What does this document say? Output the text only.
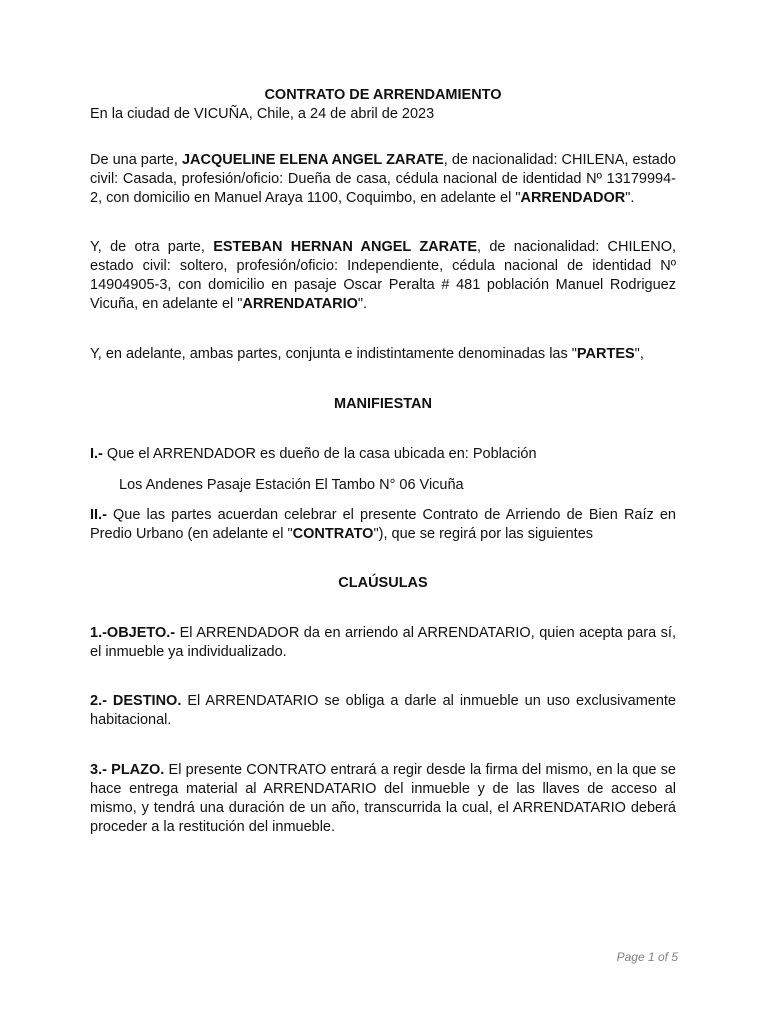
CONTRATO DE ARRENDAMIENTO

En la ciudad de VICUÑA, Chile, a 24 de abril de 2023

De una parte, JACQUELINE ELENA ANGEL ZARATE, de nacionalidad: CHILENA, estado civil: Casada, profesión/oficio: Dueña de casa, cédula nacional de identidad Nº 13179994-2, con domicilio en Manuel Araya 1100, Coquimbo, en adelante el "ARRENDADOR".

Y, de otra parte, ESTEBAN HERNAN ANGEL ZARATE, de nacionalidad: CHILENO, estado civil: soltero, profesión/oficio: Independiente, cédula nacional de identidad Nº 14904905-3, con domicilio en pasaje Oscar Peralta # 481 población Manuel Rodriguez Vicuña, en adelante el "ARRENDATARIO".

Y, en adelante, ambas partes, conjunta e indistintamente denominadas las "PARTES",

MANIFIESTAN

I.- Que el ARRENDADOR es dueño de la casa ubicada en: Población

Los Andenes Pasaje Estación El Tambo N° 06 Vicuña

II.- Que las partes acuerdan celebrar el presente Contrato de Arriendo de Bien Raíz en Predio Urbano (en adelante el "CONTRATO"), que se regirá por las siguientes

CLAÚSULAS

1.-OBJETO.- El ARRENDADOR da en arriendo al ARRENDATARIO, quien acepta para sí, el inmueble ya individualizado.

2.- DESTINO. El ARRENDATARIO se obliga a darle al inmueble un uso exclusivamente habitacional.

3.- PLAZO. El presente CONTRATO entrará a regir desde la firma del mismo, en la que se hace entrega material al ARRENDATARIO del inmueble y de las llaves de acceso al mismo, y tendrá una duración de un año, transcurrida la cual, el ARRENDATARIO deberá proceder a la restitución del inmueble.

Page 1 of 5
